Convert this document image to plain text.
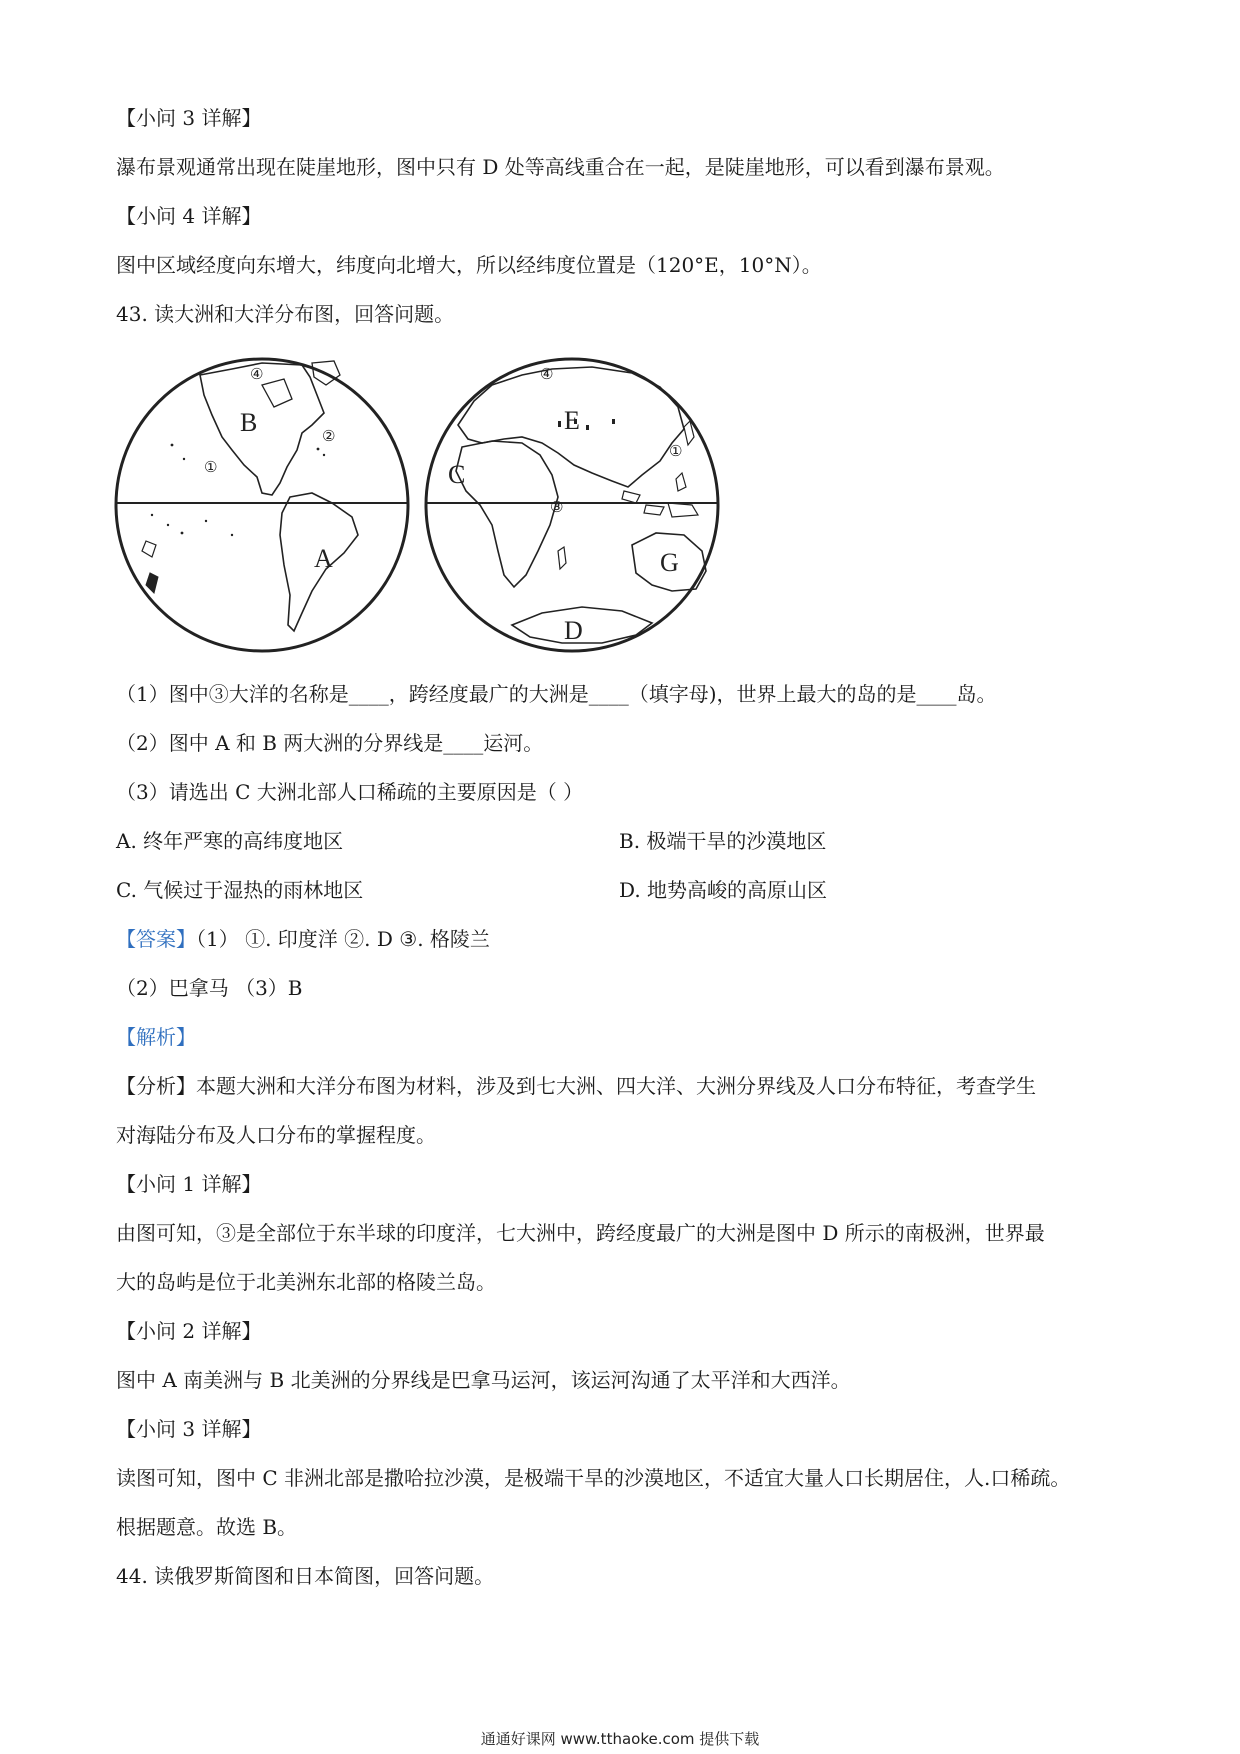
【小问 3 详解】
瀑布景观通常出现在陡崖地形，图中只有 D 处等高线重合在一起，是陡崖地形，可以看到瀑布景观。
【小问 4 详解】
图中区域经度向东增大，纬度向北增大，所以经纬度位置是（120°E，10°N）。
43. 读大洲和大洋分布图，回答问题。
B
A
①
②
④
E
C
G
D
③
①
④
（1）图中③大洋的名称是____，跨经度最广的大洲是____（填字母)，世界上最大的岛的是____岛。
（2）图中 A 和 B 两大洲的分界线是____运河。
（3）请选出 C 大洲北部人口稀疏的主要原因是（ ）
A. 终年严寒的高纬度地区	B. 极端干旱的沙漠地区
C. 气候过于湿热的雨林地区	D. 地势高峻的高原山区
【答案】（1） ①. 印度洋 ②. D ③. 格陵兰
（2）巴拿马 （3）B
【解析】
【分析】本题大洲和大洋分布图为材料，涉及到七大洲、四大洋、大洲分界线及人口分布特征，考查学生
对海陆分布及人口分布的掌握程度。
【小问 1 详解】
由图可知，③是全部位于东半球的印度洋，七大洲中，跨经度最广的大洲是图中 D 所示的南极洲，世界最
大的岛屿是位于北美洲东北部的格陵兰岛。
【小问 2 详解】
图中 A 南美洲与 B 北美洲的分界线是巴拿马运河，该运河沟通了太平洋和大西洋。
【小问 3 详解】
读图可知，图中 C 非洲北部是撒哈拉沙漠，是极端干旱的沙漠地区，不适宜大量人口长期居住，人.口稀疏。
根据题意。故选 B。
44. 读俄罗斯简图和日本简图，回答问题。
通通好课网 www.tthaoke.com 提供下载
